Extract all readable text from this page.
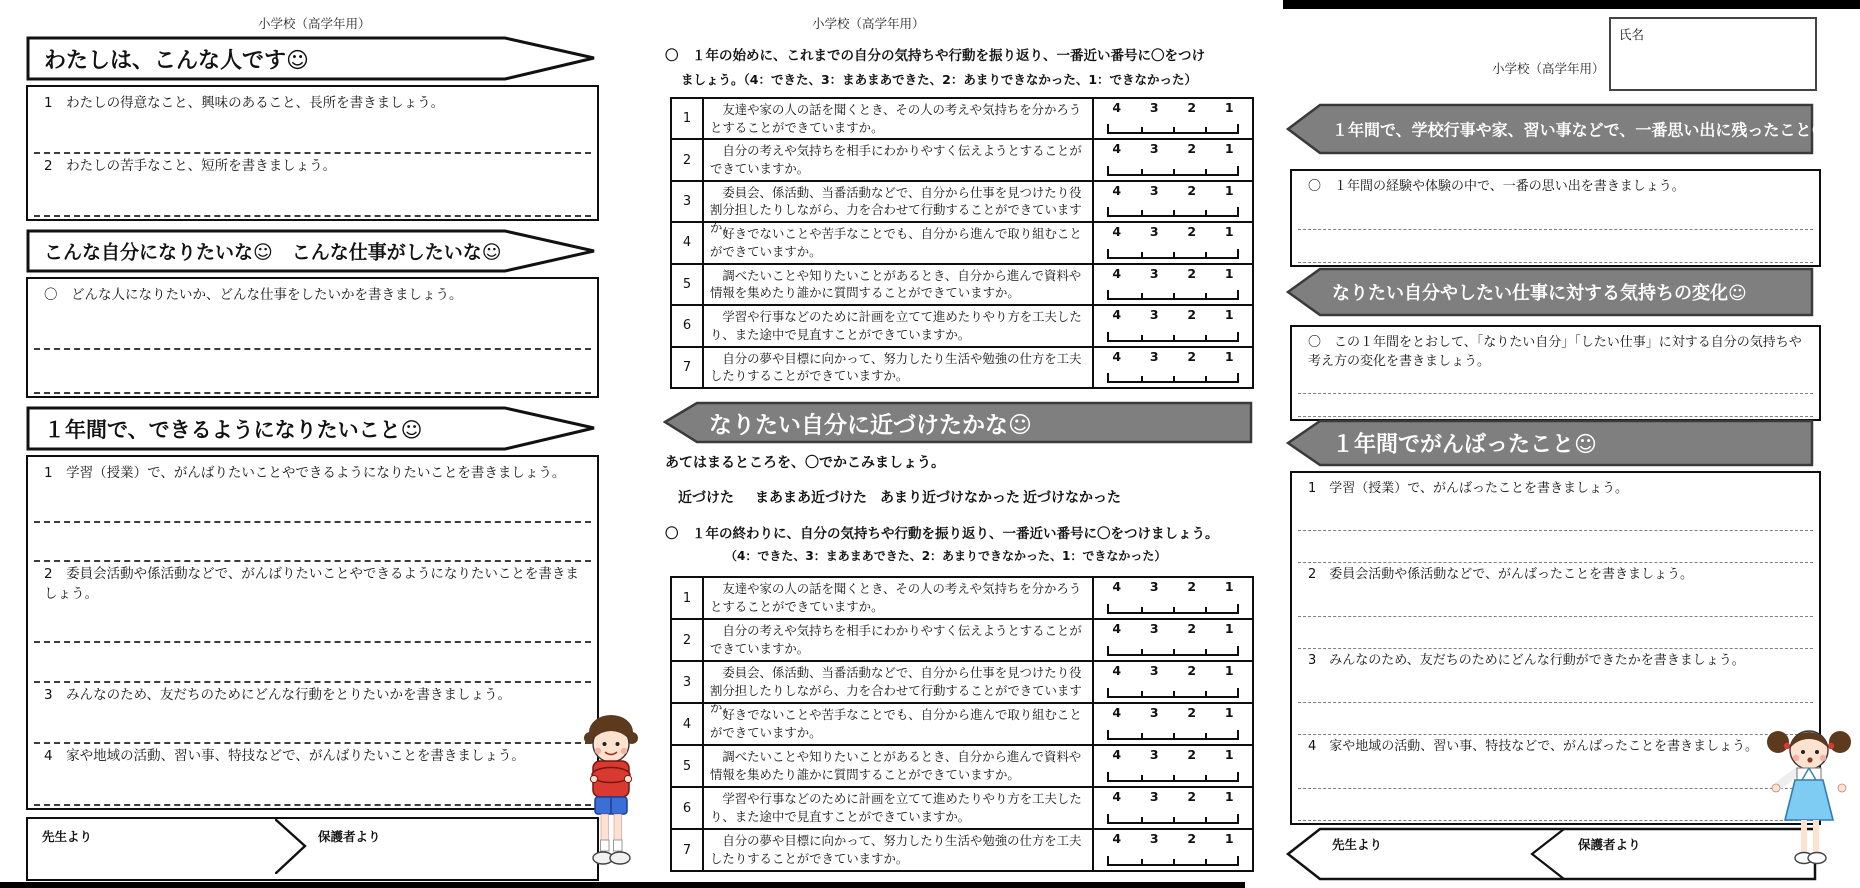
小学校（高学年用）
わたしは、こんな人です☺

1　わたしの得意なこと、興味のあること、長所を書きましょう。

2　わたしの苦手なこと、短所を書きましょう。

こんな自分になりたいな☺　こんな仕事がしたいな☺

〇　どんな人になりたいか、どんな仕事をしたいかを書きましょう。

１年間で、できるようになりたいこと☺

1　学習（授業）で、がんばりたいことやできるようになりたいことを書きましょう。

2　委員会活動や係活動などで、がんばりたいことやできるようになりたいことを書きましょう。

3　みんなのため、友だちのためにどんな行動をとりたいかを書きましょう。

4　家や地域の活動、習い事、特技などで、がんばりたいことを書きましょう。

先生より	保護者より
小学校（高学年用）
〇　１年の始めに、これまでの自分の気持ちや行動を振り返り、一番近い番号に〇をつけ
ましょう。（4：できた、3：まあまあできた、2：あまりできなかった、1：できなかった）
1

友達や家の人の話を聞くとき、その人の考えや気持ちを分かろうとすることができていますか。

4	3	2	1
2

自分の考えや気持ちを相手にわかりやすく伝えようとすることができていますか。

4	3	2	1
3

委員会、係活動、当番活動などで、自分から仕事を見つけたり役割分担したりしながら、力を合わせて行動することができていますか。

4	3	2	1
4

好きでないことや苦手なことでも、自分から進んで取り組むことができていますか。

4	3	2	1
5

調べたいことや知りたいことがあるとき、自分から進んで資料や情報を集めたり誰かに質問することができていますか。

4	3	2	1
6

学習や行事などのために計画を立てて進めたりやり方を工夫したり、また途中で見直すことができていますか。

4	3	2	1
7

自分の夢や目標に向かって、努力したり生活や勉強の仕方を工夫したりすることができていますか。

4	3	2	1
なりたい自分に近づけたかな☺
あてはまるところを、〇でかこみましょう。
近づけた まあまあ近づけた あまり近づけなかった 近づけなかった
〇　１年の終わりに、自分の気持ちや行動を振り返り、一番近い番号に〇をつけましょう。
（4：できた、3：まあまあできた、2：あまりできなかった、1：できなかった）
1

友達や家の人の話を聞くとき、その人の考えや気持ちを分かろうとすることができていますか。

4	3	2	1
2

自分の考えや気持ちを相手にわかりやすく伝えようとすることができていますか。

4	3	2	1
3

委員会、係活動、当番活動などで、自分から仕事を見つけたり役割分担したりしながら、力を合わせて行動することができていますか。

4	3	2	1
4

好きでないことや苦手なことでも、自分から進んで取り組むことができていますか。

4	3	2	1
5

調べたいことや知りたいことがあるとき、自分から進んで資料や情報を集めたり誰かに質問することができていますか。

4	3	2	1
6

学習や行事などのために計画を立てて進めたりやり方を工夫したり、また途中で見直すことができていますか。

4	3	2	1
7

自分の夢や目標に向かって、努力したり生活や勉強の仕方を工夫したりすることができていますか。

4	3	2	1
氏名
小学校（高学年用）
１年間で、学校行事や家、習い事などで、一番思い出に残ったこと☺

〇　１年間の経験や体験の中で、一番の思い出を書きましょう。

なりたい自分やしたい仕事に対する気持ちの変化☺

〇　この１年間をとおして、「なりたい自分」「したい仕事」に対する自分の気持ちや考え方の変化を書きましょう。

１年間でがんばったこと☺

1　学習（授業）で、がんばったことを書きましょう。

2　委員会活動や係活動などで、がんばったことを書きましょう。

3　みんなのため、友だちのためにどんな行動ができたかを書きましょう。

4　家や地域の活動、習い事、特技などで、がんばったことを書きましょう。

先生より	保護者より
